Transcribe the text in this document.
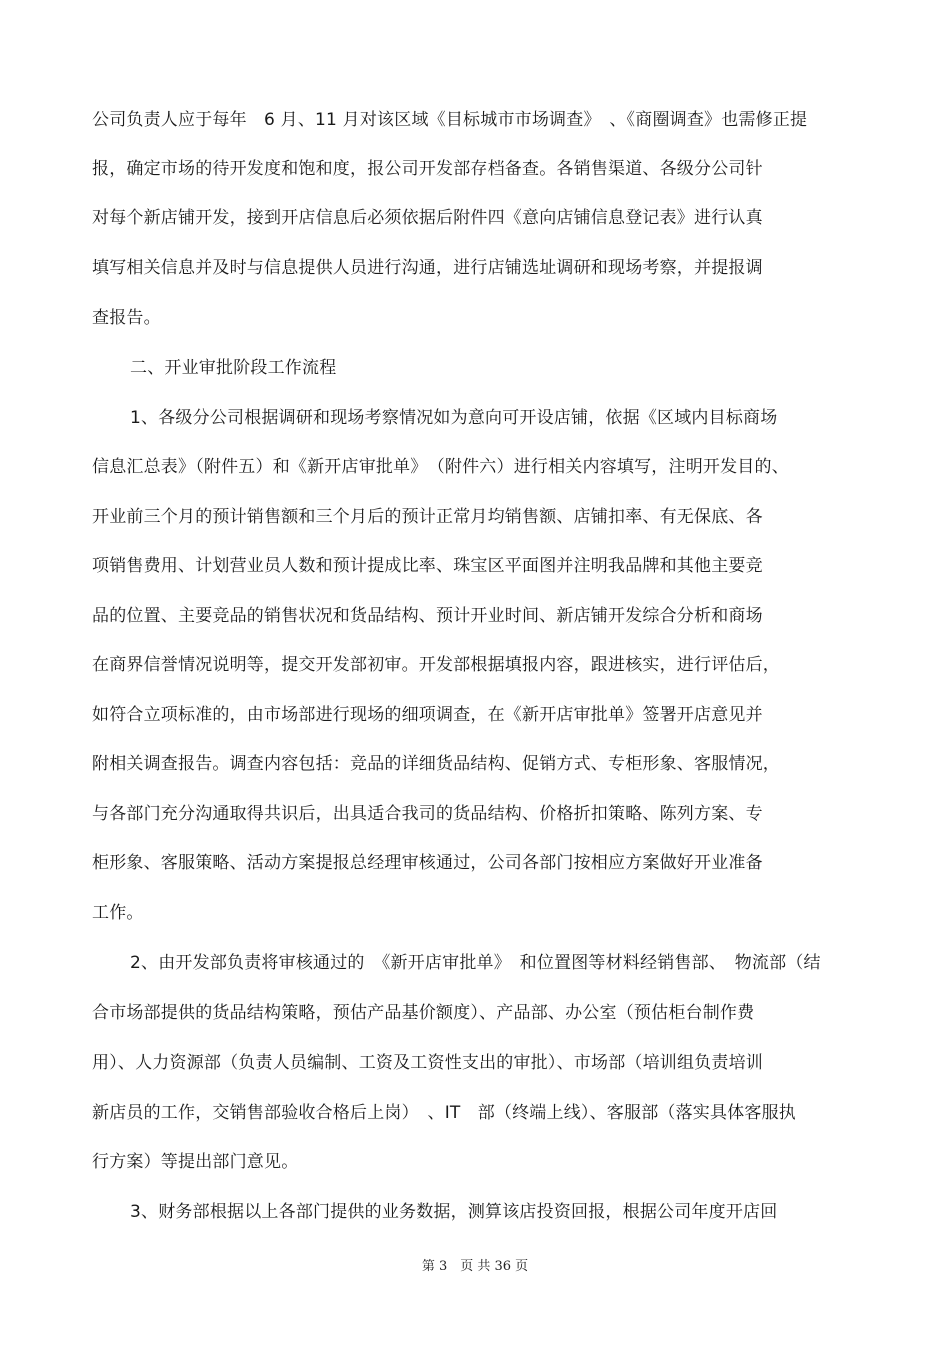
公司负责人应于每年　6 月、11 月对该区域《目标城市市场调查》　、《商圈调查》也需修正提
报，确定市场的待开发度和饱和度，报公司开发部存档备查。各销售渠道、各级分公司针
对每个新店铺开发，接到开店信息后必须依据后附件四《意向店铺信息登记表》进行认真
填写相关信息并及时与信息提供人员进行沟通，进行店铺选址调研和现场考察，并提报调
查报告。
二、开业审批阶段工作流程
1、各级分公司根据调研和现场考察情况如为意向可开设店铺，依据《区域内目标商场
信息汇总表》（附件五）和《新开店审批单》　（附件六）进行相关内容填写，注明开发目的、
开业前三个月的预计销售额和三个月后的预计正常月均销售额、店铺扣率、有无保底、各
项销售费用、计划营业员人数和预计提成比率、珠宝区平面图并注明我品牌和其他主要竞
品的位置、主要竞品的销售状况和货品结构、预计开业时间、新店铺开发综合分析和商场
在商界信誉情况说明等，提交开发部初审。开发部根据填报内容，跟进核实，进行评估后，
如符合立项标准的，由市场部进行现场的细项调查，在《新开店审批单》签署开店意见并
附相关调查报告。调查内容包括：竞品的详细货品结构、促销方式、专柜形象、客服情况，
与各部门充分沟通取得共识后，出具适合我司的货品结构、价格折扣策略、陈列方案、专
柜形象、客服策略、活动方案提报总经理审核通过，公司各部门按相应方案做好开业准备
工作。
2、由开发部负责将审核通过的　《新开店审批单》　和位置图等材料经销售部、　物流部（结
合市场部提供的货品结构策略，预估产品基价额度）、产品部、办公室（预估柜台制作费
用）、人力资源部（负责人员编制、工资及工资性支出的审批）、市场部（培训组负责培训
新店员的工作，交销售部验收合格后上岗）　、IT　部（终端上线）、客服部（落实具体客服执
行方案）等提出部门意见。
3、财务部根据以上各部门提供的业务数据，测算该店投资回报，根据公司年度开店回
第 3　页 共 36 页
